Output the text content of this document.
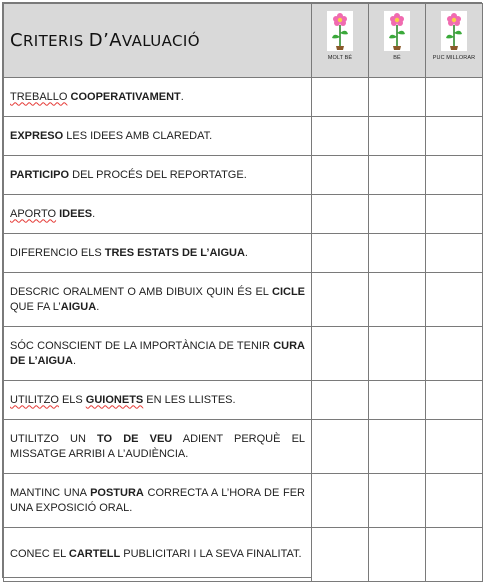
CRITERIS D’AVALUACIÓ	MOLT BÉ	BÉ	PUC MILLORAR

TREBALLO COOPERATIVAMENT.			
EXPRESO LES IDEES AMB CLAREDAT.			
PARTICIPO DEL PROCÉS DEL REPORTATGE.			
APORTO IDEES.			
DIFERENCIO ELS TRES ESTATS DE L’AIGUA.			
DESCRIC ORALMENT O AMB DIBUIX QUIN ÉS EL CICLE QUE FA L’AIGUA.			
SÓC CONSCIENT DE LA IMPORTÀNCIA DE TENIR CURA DE L’AIGUA.			
UTILITZO ELS GUIONETS EN LES LLISTES.			
UTILITZO UN TO DE VEU ADIENT PERQUÈ EL MISSATGE ARRIBI A L’AUDIÈNCIA.			
MANTINC UNA POSTURA CORRECTA A L’HORA DE FER UNA EXPOSICIÓ ORAL.			
CONEC EL CARTELL PUBLICITARI I LA SEVA FINALITAT.			
